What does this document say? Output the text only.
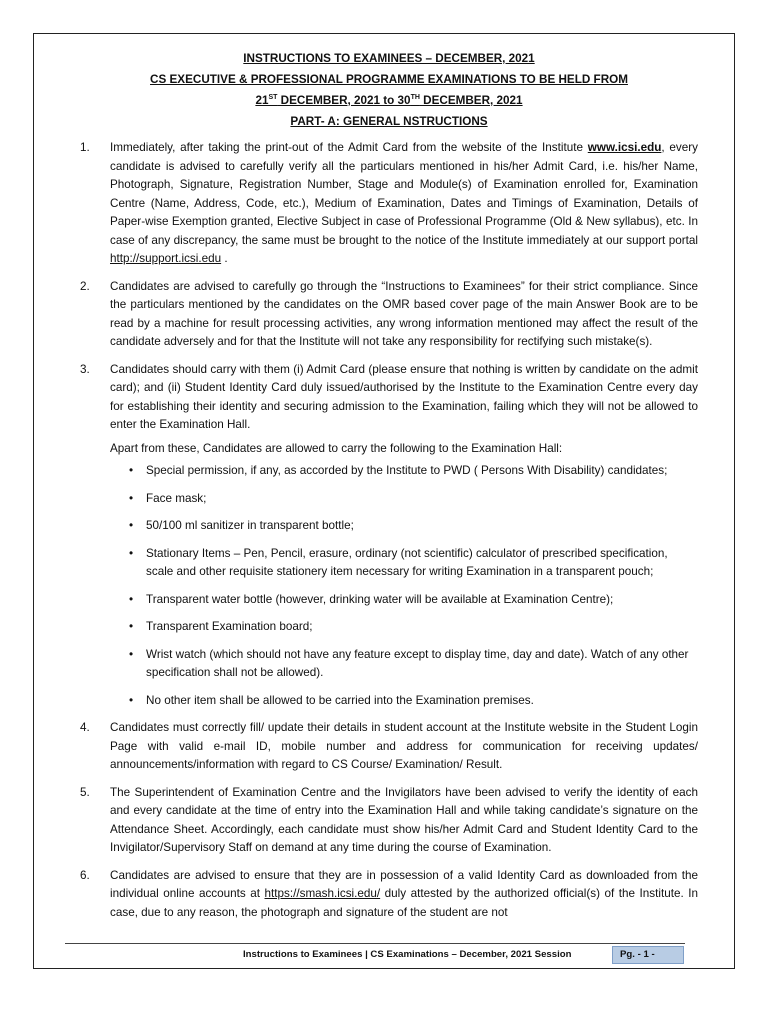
INSTRUCTIONS TO EXAMINEES – DECEMBER, 2021
CS EXECUTIVE & PROFESSIONAL PROGRAMME EXAMINATIONS TO BE HELD FROM
21ST DECEMBER, 2021 to 30TH DECEMBER, 2021
PART- A: GENERAL NSTRUCTIONS
1. Immediately, after taking the print-out of the Admit Card from the website of the Institute www.icsi.edu, every candidate is advised to carefully verify all the particulars mentioned in his/her Admit Card, i.e. his/her Name, Photograph, Signature, Registration Number, Stage and Module(s) of Examination enrolled for, Examination Centre (Name, Address, Code, etc.), Medium of Examination, Dates and Timings of Examination, Details of Paper-wise Exemption granted, Elective Subject in case of Professional Programme (Old & New syllabus), etc. In case of any discrepancy, the same must be brought to the notice of the Institute immediately at our support portal http://support.icsi.edu .

2. Candidates are advised to carefully go through the “Instructions to Examinees” for their strict compliance. Since the particulars mentioned by the candidates on the OMR based cover page of the main Answer Book are to be read by a machine for result processing activities, any wrong information mentioned may affect the result of the candidate adversely and for that the Institute will not take any responsibility for rectifying such mistake(s).

3. Candidates should carry with them (i) Admit Card (please ensure that nothing is written by candidate on the admit card); and (ii) Student Identity Card duly issued/authorised by the Institute to the Examination Centre every day for establishing their identity and securing admission to the Examination, failing which they will not be allowed to enter the Examination Hall.

Apart from these, Candidates are allowed to carry the following to the Examination Hall:

• Special permission, if any, as accorded by the Institute to PWD ( Persons With Disability) candidates;
• Face mask;
• 50/100 ml sanitizer in transparent bottle;
• Stationary Items – Pen, Pencil, erasure, ordinary (not scientific) calculator of prescribed specification, scale and other requisite stationery item necessary for writing Examination in a transparent pouch;
• Transparent water bottle (however, drinking water will be available at Examination Centre);
• Transparent Examination board;
• Wrist watch (which should not have any feature except to display time, day and date). Watch of any other specification shall not be allowed).
• No other item shall be allowed to be carried into the Examination premises.
4. Candidates must correctly fill/ update their details in student account at the Institute website in the Student Login Page with valid e-mail ID, mobile number and address for communication for receiving updates/ announcements/information with regard to CS Course/ Examination/ Result.

5. The Superintendent of Examination Centre and the Invigilators have been advised to verify the identity of each and every candidate at the time of entry into the Examination Hall and while taking candidate’s signature on the Attendance Sheet. Accordingly, each candidate must show his/her Admit Card and Student Identity Card to the Invigilator/Supervisory Staff on demand at any time during the course of Examination.

6. Candidates are advised to ensure that they are in possession of a valid Identity Card as downloaded from the individual online accounts at https://smash.icsi.edu/ duly attested by the authorized official(s) of the Institute. In case, due to any reason, the photograph and signature of the student are not

Instructions to Examinees | CS Examinations – December, 2021 Session	Pg. - 1 -
